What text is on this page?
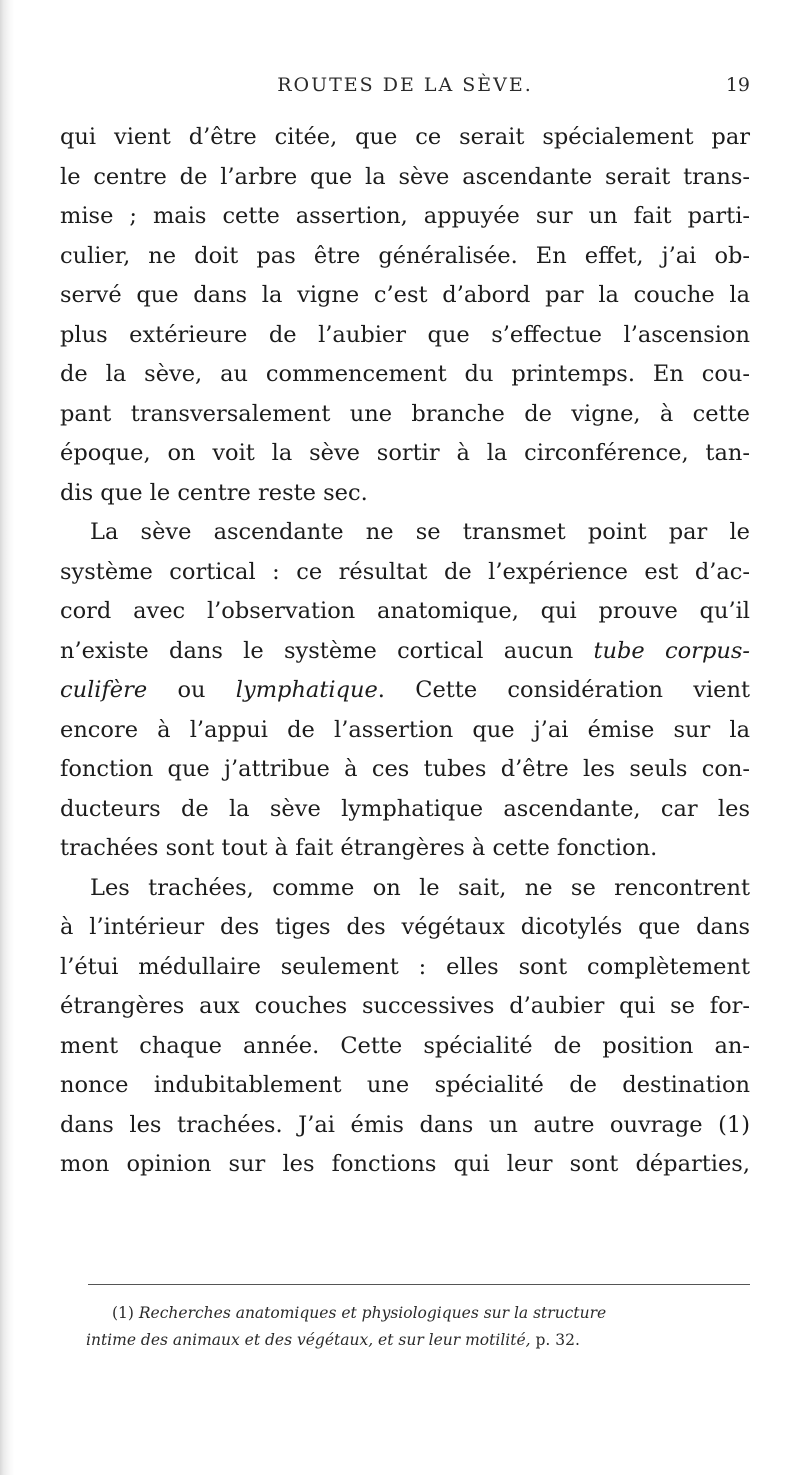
ROUTES DE LA SÈVE.	19
qui vient d’être citée, que ce serait spécialement par
le centre de l’arbre que la sève ascendante serait trans-
mise ; mais cette assertion, appuyée sur un fait parti-
culier, ne doit pas être généralisée. En effet, j’ai ob-
servé que dans la vigne c’est d’abord par la couche la
plus extérieure de l’aubier que s’effectue l’ascension
de la sève, au commencement du printemps. En cou-
pant transversalement une branche de vigne, à cette
époque, on voit la sève sortir à la circonférence, tan-
dis que le centre reste sec.
La sève ascendante ne se transmet point par le
système cortical : ce résultat de l’expérience est d’ac-
cord avec l’observation anatomique, qui prouve qu’il
n’existe dans le système cortical aucun tube corpus-
culifère ou lymphatique. Cette considération vient
encore à l’appui de l’assertion que j’ai émise sur la
fonction que j’attribue à ces tubes d’être les seuls con-
ducteurs de la sève lymphatique ascendante, car les
trachées sont tout à fait étrangères à cette fonction.
Les trachées, comme on le sait, ne se rencontrent
à l’intérieur des tiges des végétaux dicotylés que dans
l’étui médullaire seulement : elles sont complètement
étrangères aux couches successives d’aubier qui se for-
ment chaque année. Cette spécialité de position an-
nonce indubitablement une spécialité de destination
dans les trachées. J’ai émis dans un autre ouvrage (1)
mon opinion sur les fonctions qui leur sont départies,
(1) Recherches anatomiques et physiologiques sur la structure
intime des animaux et des végétaux, et sur leur motilité, p. 32.
